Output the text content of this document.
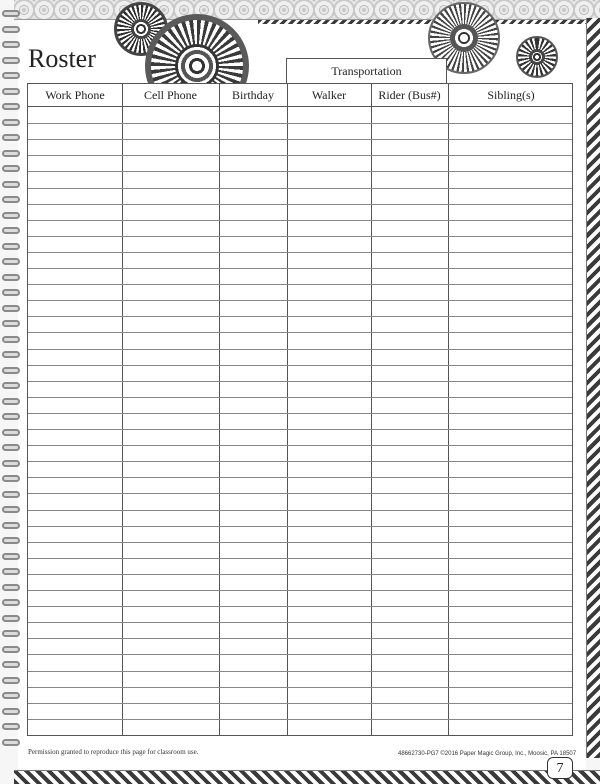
Roster	Transportation
Work Phone	Cell Phone	Birthday	Walker	Rider (Bus#)	Sibling(s)
Permission granted to reproduce this page for classroom use.	48662730-PG7 ©2016 Paper Magic Group, Inc., Moosic, PA 18507
7
